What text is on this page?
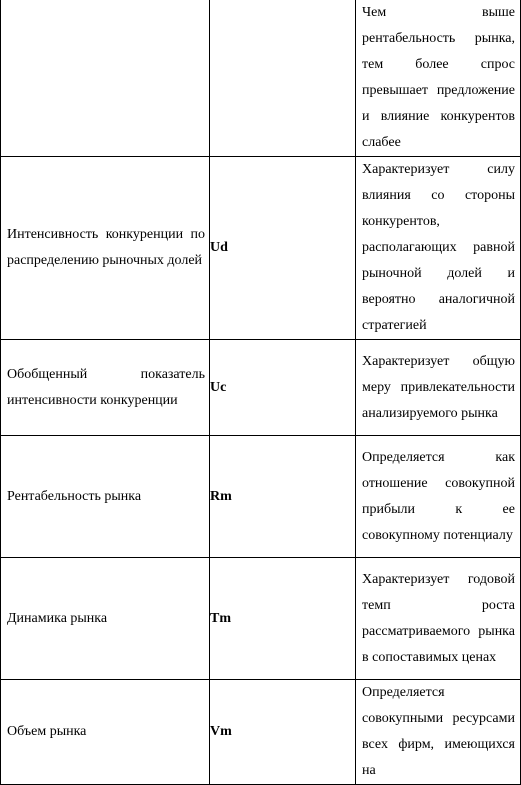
		Чем выше рентабельность рынка, тем более спрос превышает предложение и влияние конкурентов слабее

Интенсивность конкуренции по распределению рыночных долей	Ud	Характеризует силу влияния со стороны конкурентов, располагающих равной рыночной долей и вероятно аналогичной стратегией

Обобщенный показатель интенсивности конкуренции	Uc	Характеризует общую меру привлекательности анализируемого рынка

Рентабельность рынка	Rm	Определяется как отношение совокупной прибыли к ее совокупному потенциалу

Динамика рынка	Tm	Характеризует годовой темп роста рассматриваемого рынка в сопоставимых ценах

Объем рынка	Vm	Определяется совокупными ресурсами всех фирм, имеющихся на
